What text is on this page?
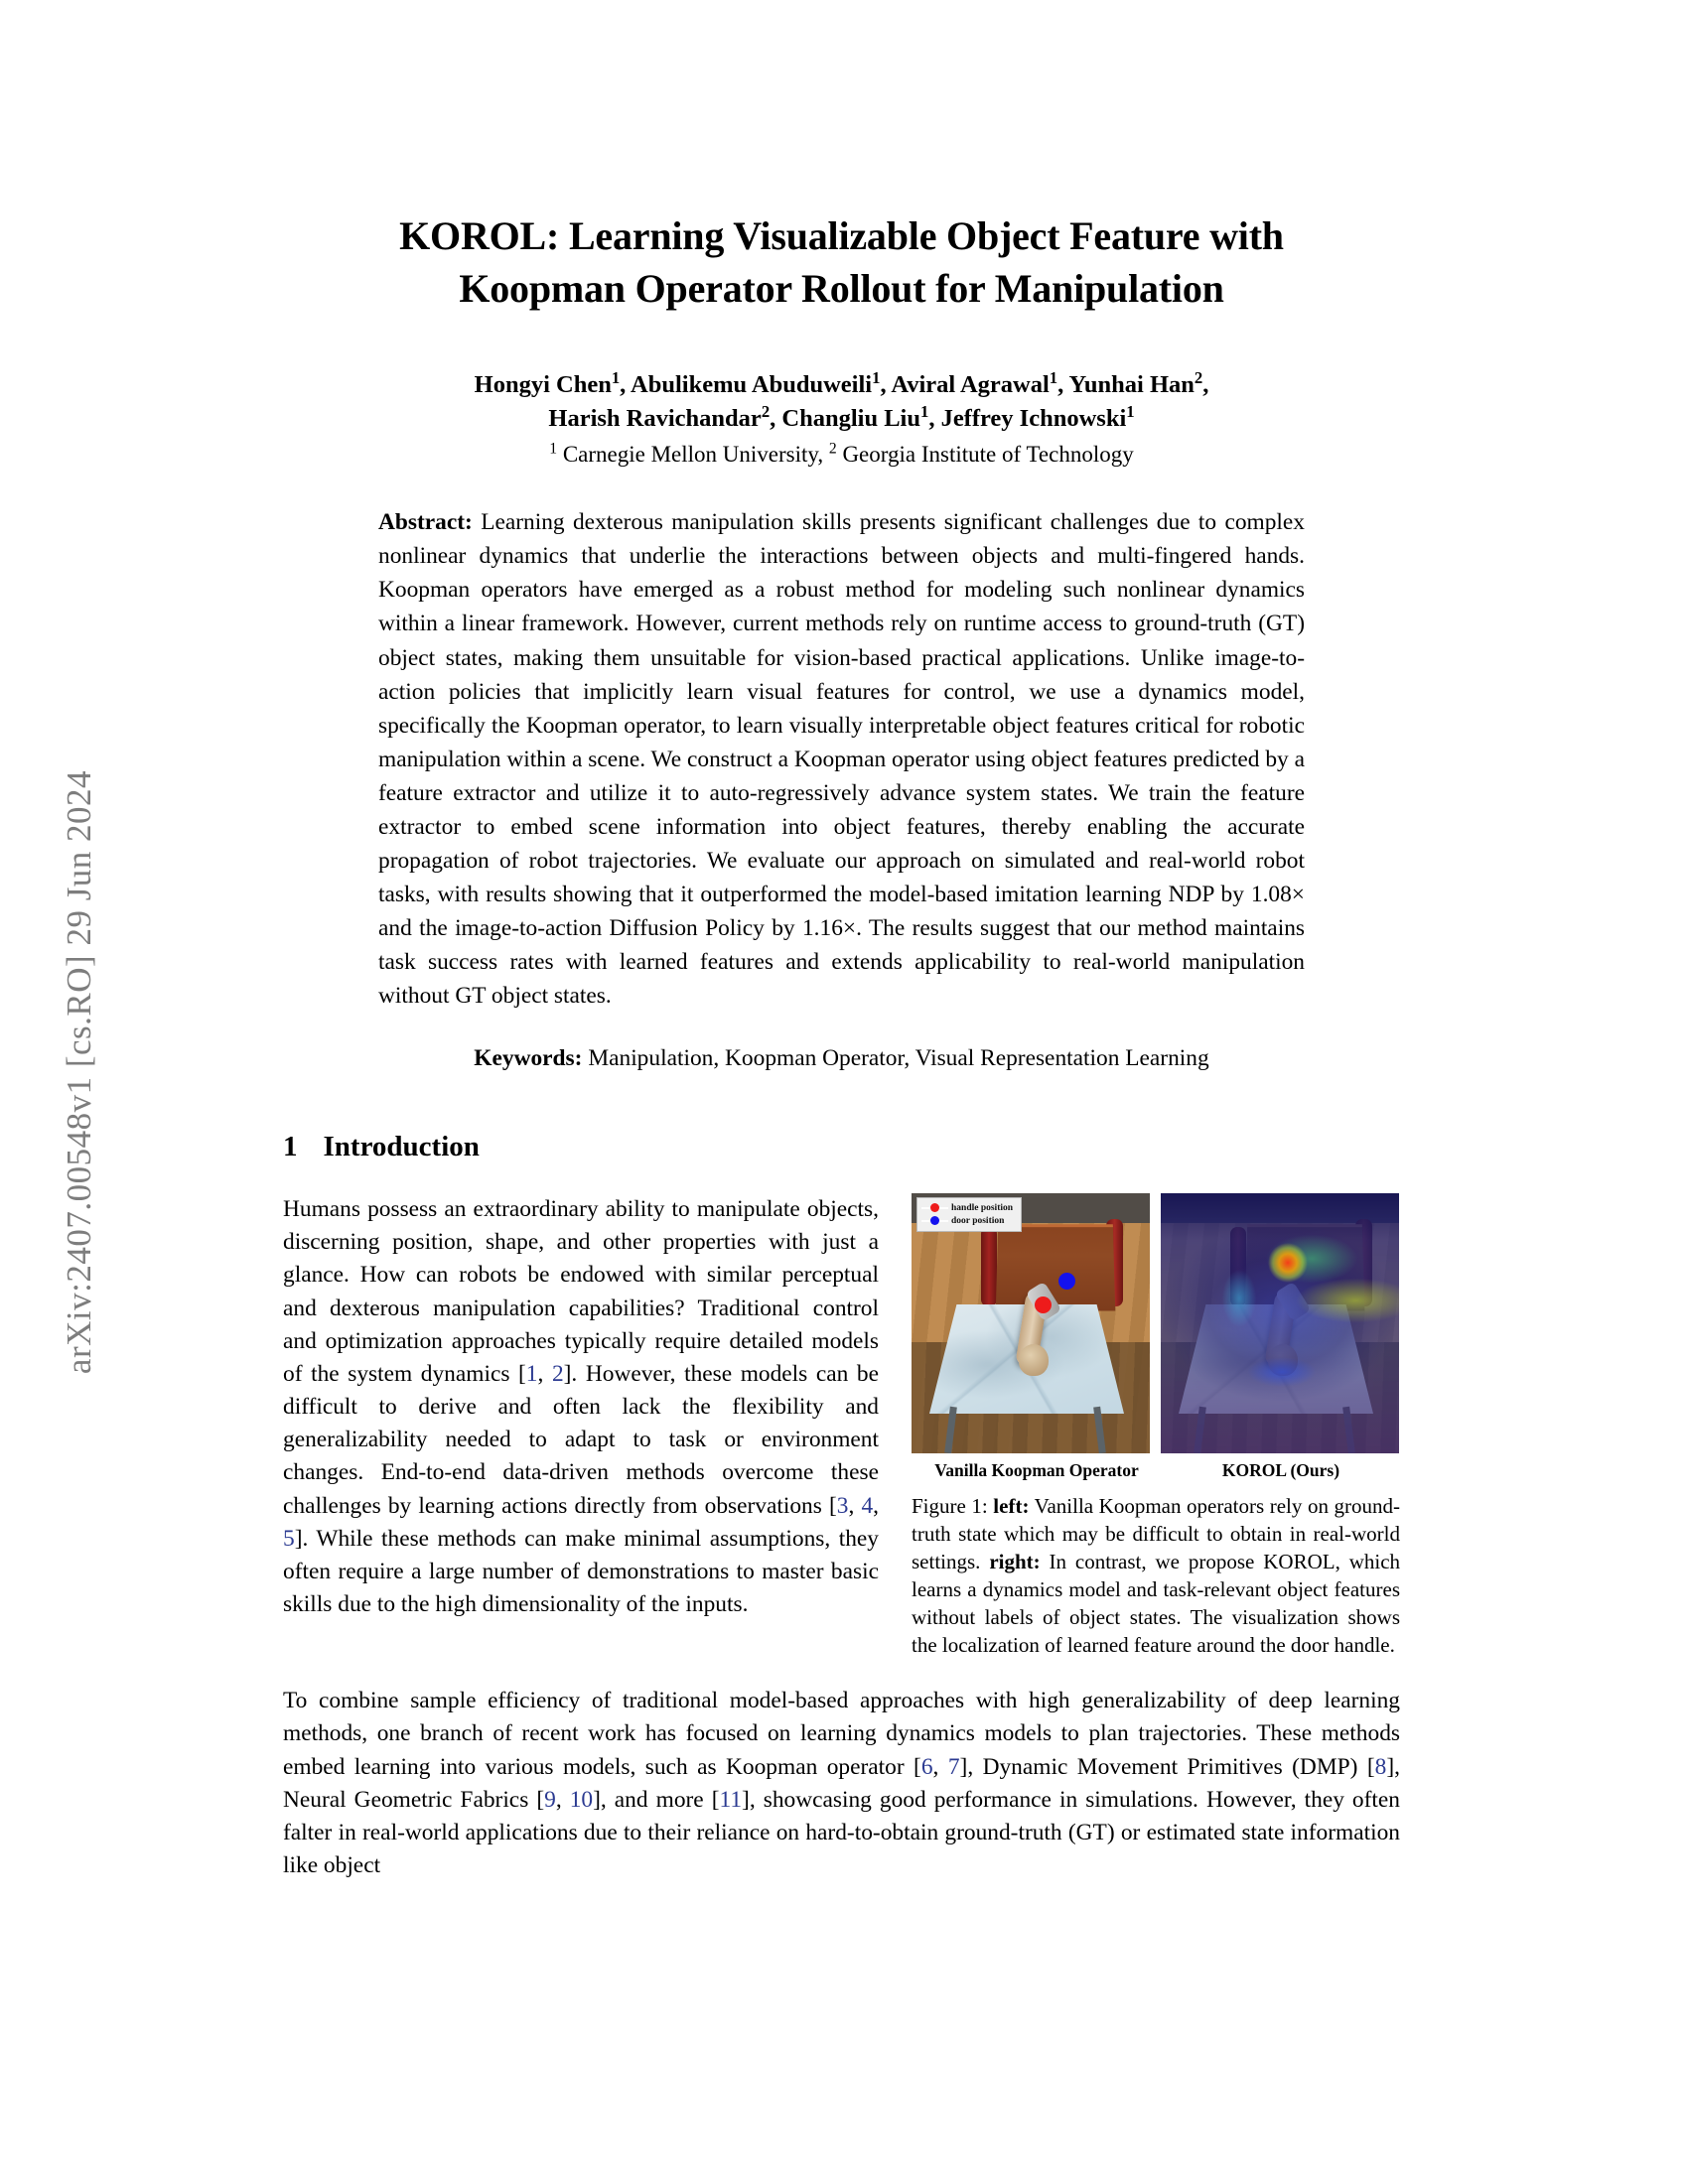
arXiv:2407.00548v1 [cs.RO] 29 Jun 2024
KOROL: Learning Visualizable Object Feature with
Koopman Operator Rollout for Manipulation
Hongyi Chen$^1$, Abulikemu Abuduweili$^1$, Aviral Agrawal$^1$, Yunhai Han$^2$,
Harish Ravichandar$^2$, Changliu Liu$^1$, Jeffrey Ichnowski$^1$
$^1$ Carnegie Mellon University, $^2$ Georgia Institute of Technology
Abstract: Learning dexterous manipulation skills presents significant challenges due to complex nonlinear dynamics that underlie the interactions between objects and multi-fingered hands. Koopman operators have emerged as a robust method for modeling such nonlinear dynamics within a linear framework. However, current methods rely on runtime access to ground-truth (GT) object states, making them unsuitable for vision-based practical applications. Unlike image-to-action policies that implicitly learn visual features for control, we use a dynamics model, specifically the Koopman operator, to learn visually interpretable object features critical for robotic manipulation within a scene. We construct a Koopman operator using object features predicted by a feature extractor and utilize it to auto-regressively advance system states. We train the feature extractor to embed scene information into object features, thereby enabling the accurate propagation of robot trajectories. We evaluate our approach on simulated and real-world robot tasks, with results showing that it outperformed the model-based imitation learning NDP by 1.08× and the image-to-action Diffusion Policy by 1.16×. The results suggest that our method maintains task success rates with learned features and extends applicability to real-world manipulation without GT object states.
Keywords: Manipulation, Koopman Operator, Visual Representation Learning
1 Introduction
handle position
door position
Vanilla Koopman Operator	KOROL (Ours)
Figure 1: left: Vanilla Koopman operators rely on ground-truth state which may be difficult to obtain in real-world settings. right: In contrast, we propose KOROL, which learns a dynamics model and task-relevant object features without labels of object states. The visualization shows the localization of learned feature around the door handle.

Humans possess an extraordinary ability to manipulate objects, discerning position, shape, and other properties with just a glance. How can robots be endowed with similar perceptual and dexterous manipulation capabilities? Traditional control and optimization approaches typically require detailed models of the system dynamics [1, 2]. However, these models can be difficult to derive and often lack the flexibility and generalizability needed to adapt to task or environment changes. End-to-end data-driven methods overcome these challenges by learning actions directly from observations [3, 4, 5]. While these methods can make minimal assumptions, they often require a large number of demonstrations to master basic skills due to the high dimensionality of the inputs.

To combine sample efficiency of traditional model-based approaches with high generalizability of deep learning methods, one branch of recent work has focused on learning dynamics models to plan trajectories. These methods embed learning into various models, such as Koopman operator [6, 7], Dynamic Movement Primitives (DMP) [8], Neural Geometric Fabrics [9, 10], and more [11], showcasing good performance in simulations. However, they often falter in real-world applications due to their reliance on hard-to-obtain ground-truth (GT) or estimated state information like object
